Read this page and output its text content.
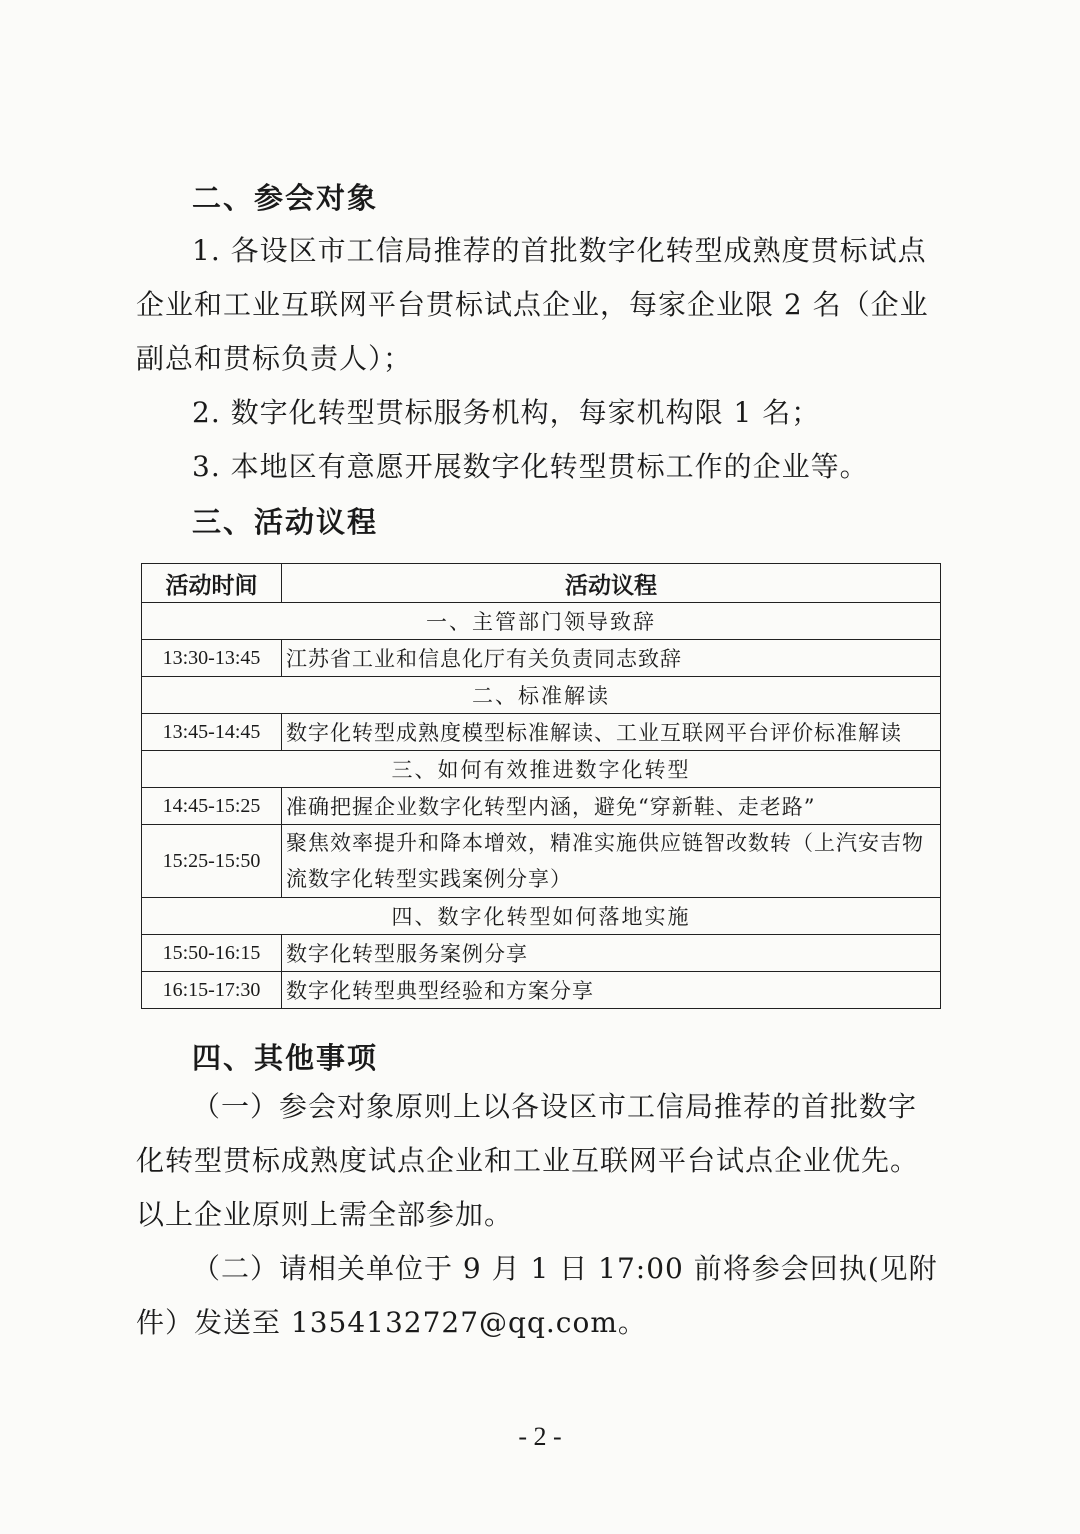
二、参会对象
1. 各设区市工信局推荐的首批数字化转型成熟度贯标试点企业和工业互联网平台贯标试点企业，每家企业限 2 名（企业副总和贯标负责人）；
2. 数字化转型贯标服务机构，每家机构限 1 名；
3. 本地区有意愿开展数字化转型贯标工作的企业等。
三、活动议程
活动时间	活动议程
一、主管部门领导致辞	
13:30-13:45	江苏省工业和信息化厅有关负责同志致辞
二、标准解读	
13:45-14:45	数字化转型成熟度模型标准解读、工业互联网平台评价标准解读
三、如何有效推进数字化转型	
14:45-15:25	准确把握企业数字化转型内涵，避免“穿新鞋、走老路”
15:25-15:50	聚焦效率提升和降本增效，精准实施供应链智改数转（上汽安吉物流数字化转型实践案例分享）
四、数字化转型如何落地实施	
15:50-16:15	数字化转型服务案例分享
16:15-17:30	数字化转型典型经验和方案分享
四、其他事项
（一）参会对象原则上以各设区市工信局推荐的首批数字化转型贯标成熟度试点企业和工业互联网平台试点企业优先。以上企业原则上需全部参加。
（二）请相关单位于 9 月 1 日 17:00 前将参会回执(见附件）发送至 1354132727@qq.com。
- 2 -
